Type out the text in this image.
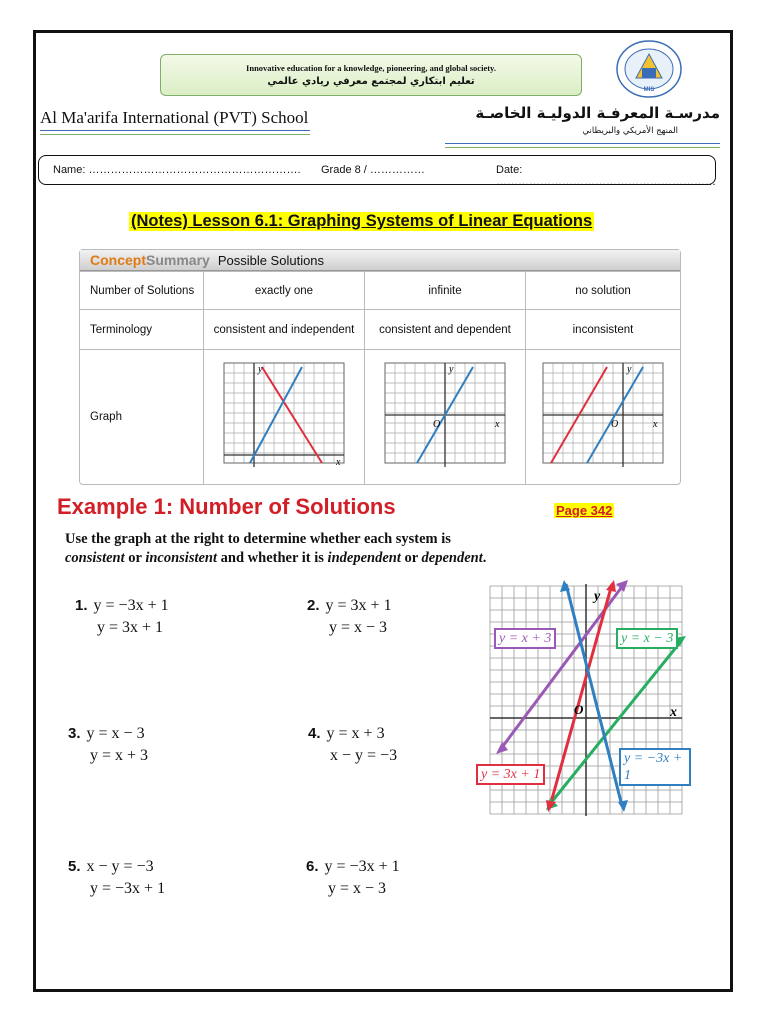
Innovative education for a knowledge, pioneering, and global society.
تعليم ابتكاري لمجتمع معرفي ريادي عالمي
MIS
Al Ma'arifa International (PVT) School	مدرسـة المعرفـة الدوليـة الخاصـة
المنهج الأمريكي والبريطاني
Name: …………………………………………………. Grade 8 / ……………	Date: ……………………………………………………
(Notes) Lesson 6.1: Graphing Systems of Linear Equations
ConceptSummary Possible Solutions
Number of Solutions	exactly one	infinite	no solution
Terminology	consistent and independent	consistent and dependent	inconsistent
Graph	y
x	y
x
O	y
x
O
Example 1: Number of Solutions	Page 342
Use the graph at the right to determine whether each system is consistent or inconsistent and whether it is independent or dependent.
1. y = −3x + 1
y = 3x + 1
2. y = 3x + 1
y = x − 3
3. y = x − 3
y = x + 3
4. y = x + 3
x − y = −3
5. x − y = −3
y = −3x + 1
6. y = −3x + 1
y = x − 3
y
x
O
y = x + 3	y = x − 3
y = 3x + 1
y = −3x + 1
